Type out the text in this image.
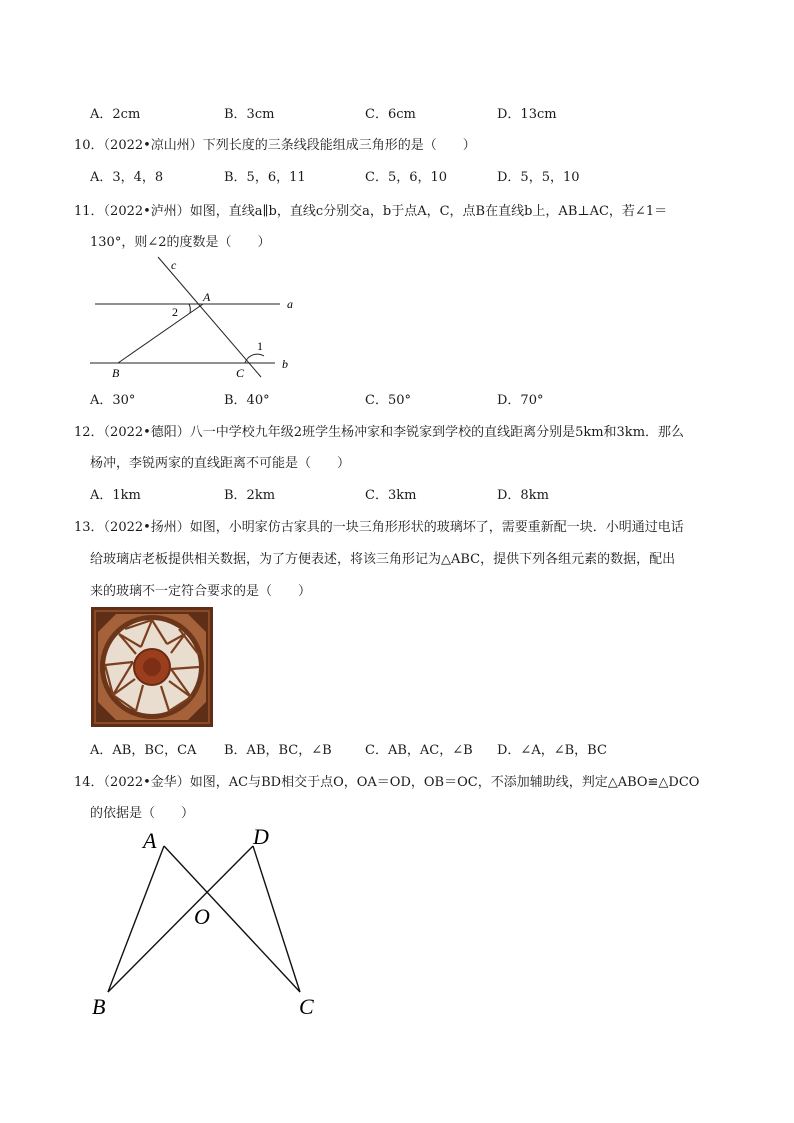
A．2cm	B．3cm	C．6cm	D．13cm
10．（2022•凉山州）下列长度的三条线段能组成三角形的是（　　）
A．3，4，8	B．5，6，11	C．5，6，10	D．5，5，10
11．（2022•泸州）如图，直线a∥b，直线c分别交a，b于点A，C，点B在直线b上，AB⊥AC，若∠1＝
130°，则∠2的度数是（　　）
c
A	a
2
1
b
B	C
A．30°	B．40°	C．50°	D．70°
12．（2022•德阳）八一中学校九年级2班学生杨冲家和李锐家到学校的直线距离分别是5km和3km．那么
杨冲，李锐两家的直线距离不可能是（　　）
A．1km	B．2km	C．3km	D．8km
13．（2022•扬州）如图，小明家仿古家具的一块三角形形状的玻璃坏了，需要重新配一块．小明通过电话
给玻璃店老板提供相关数据，为了方便表述，将该三角形记为△ABC，提供下列各组元素的数据，配出
来的玻璃不一定符合要求的是（　　）
A．AB，BC，CA B．AB，BC，∠B	C．AB，AC，∠B D．∠A，∠B，BC
14．（2022•金华）如图，AC与BD相交于点O，OA＝OD，OB＝OC，不添加辅助线，判定△ABO≌△DCO
的依据是（　　）
A	D
O
B	C
